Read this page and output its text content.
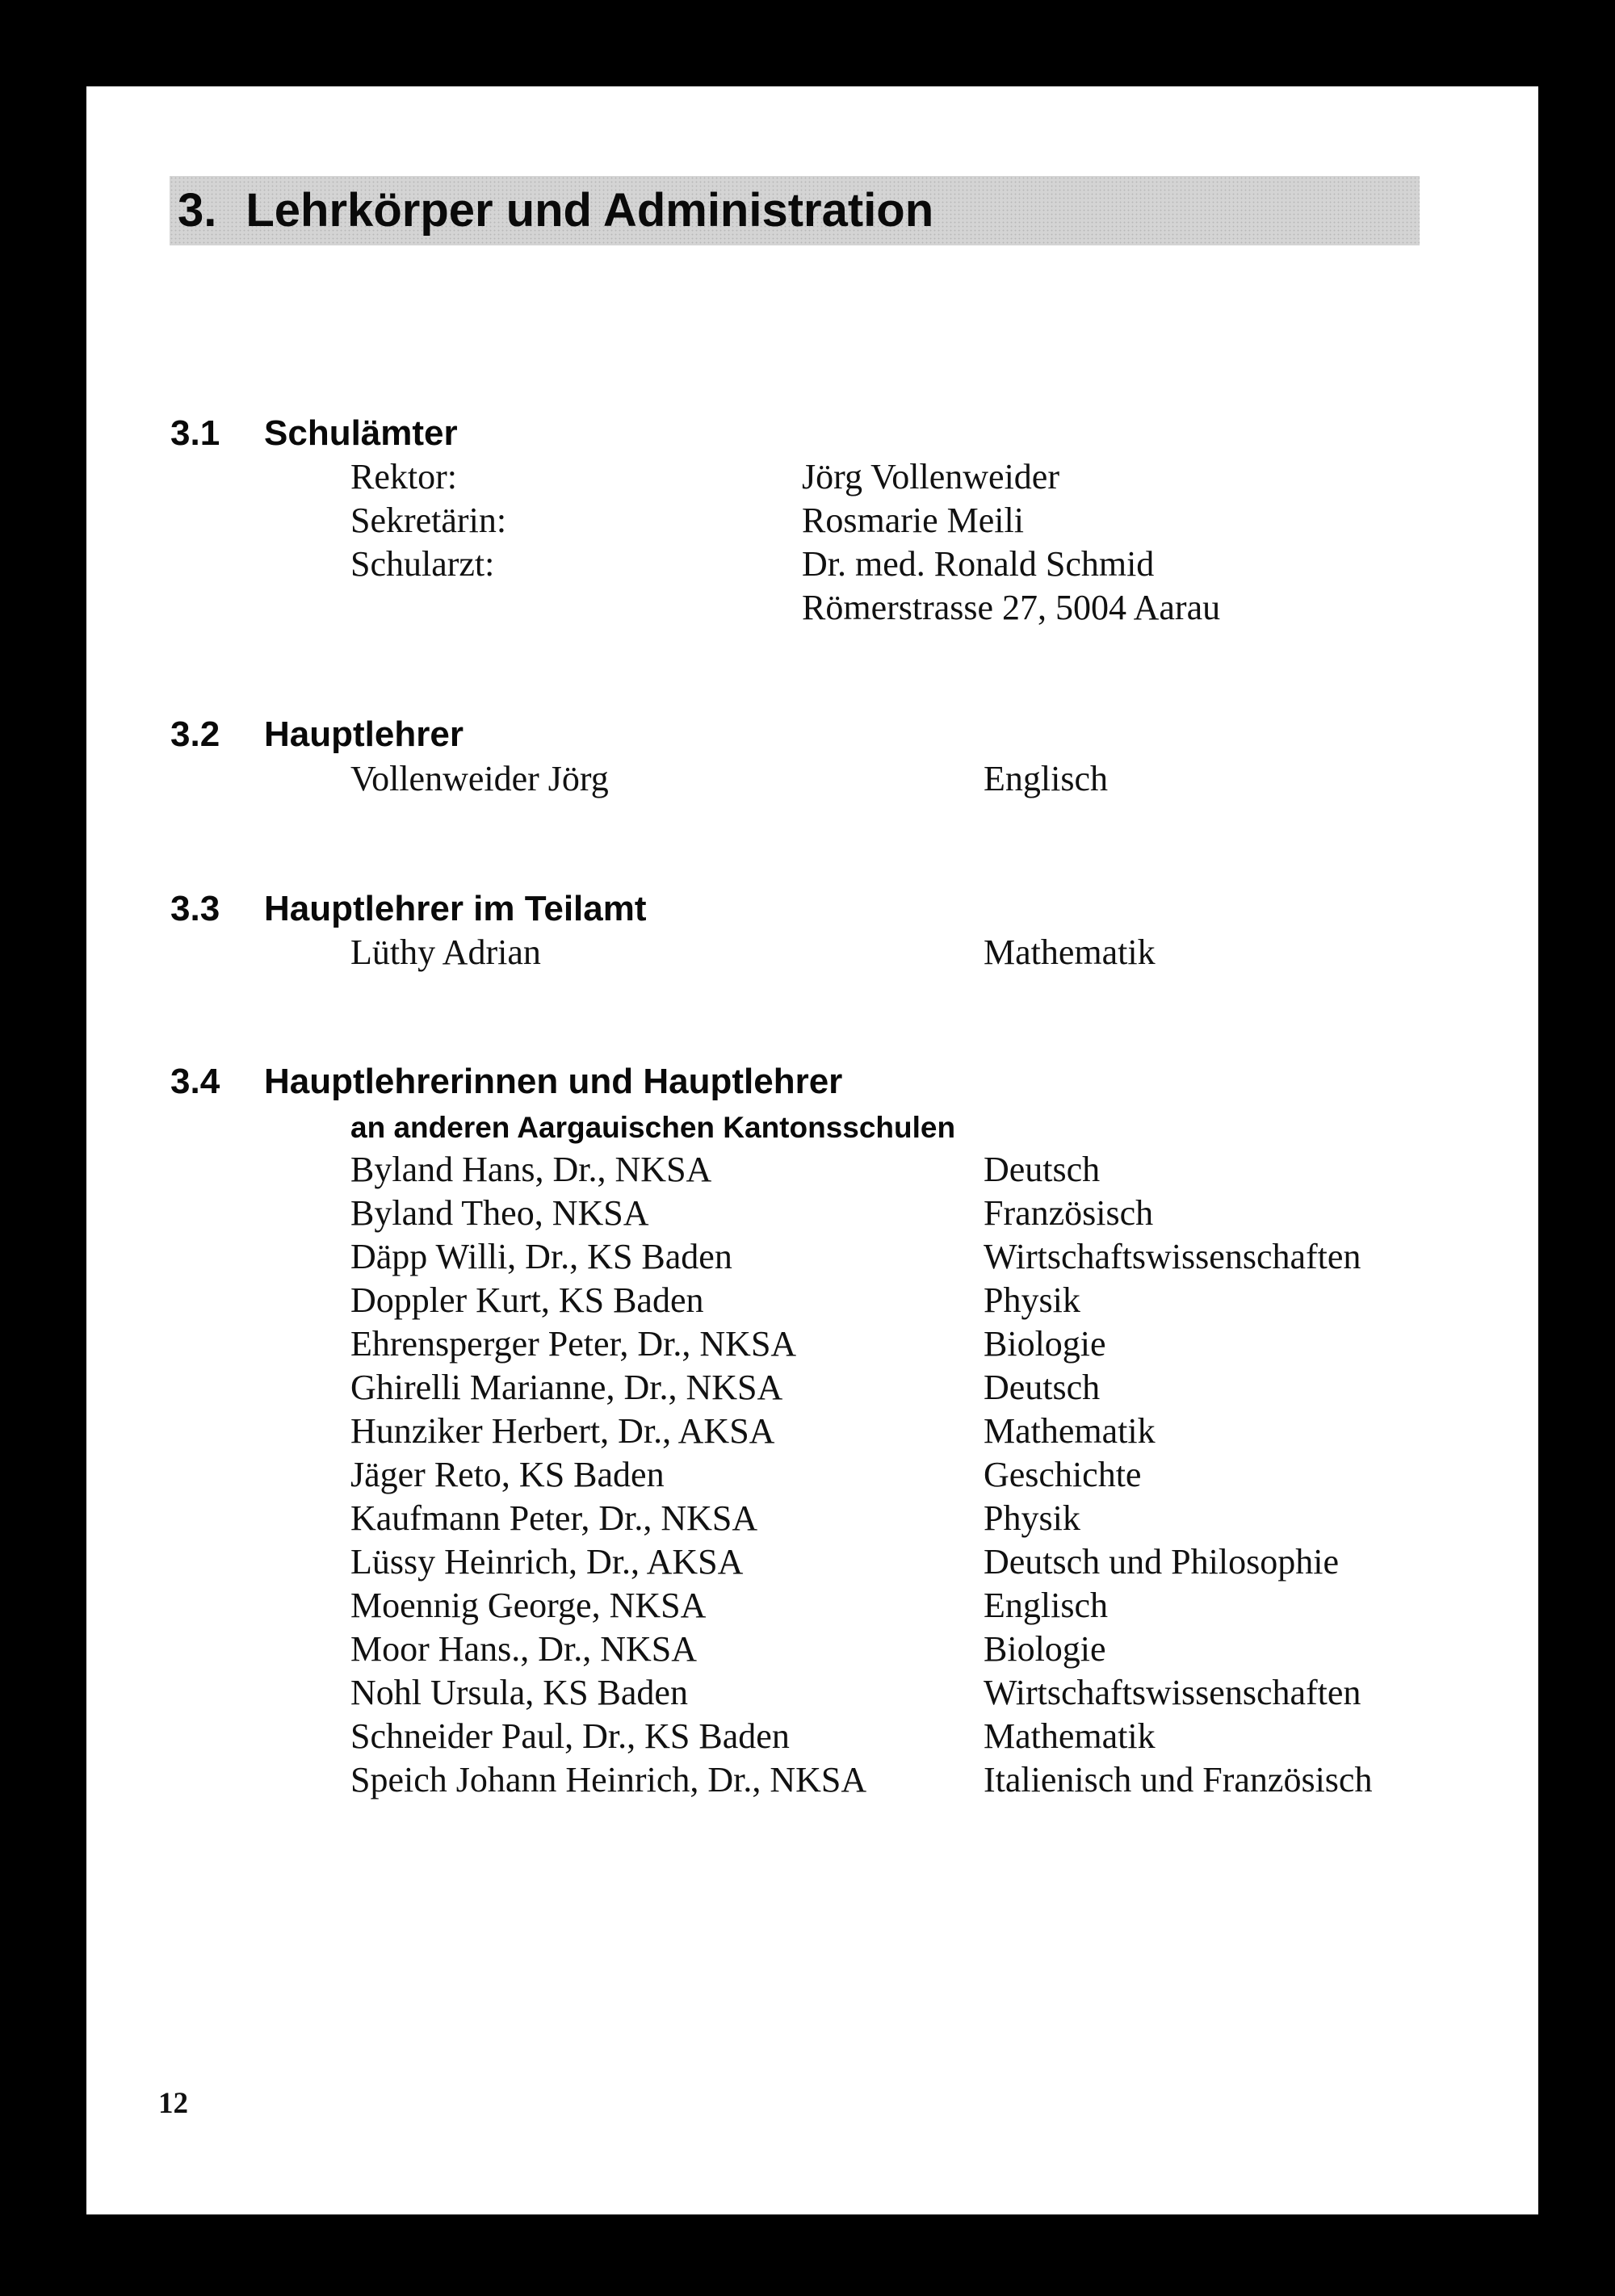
3. Lehrkörper und Administration
3.1 Schulämter
Rektor:	Jörg Vollenweider
Sekretärin:	Rosmarie Meili
Schularzt:	Dr. med. Ronald Schmid
Römerstrasse 27, 5004 Aarau
3.2 Hauptlehrer
Vollenweider Jörg	Englisch
3.3 Hauptlehrer im Teilamt
Lüthy Adrian	Mathematik
3.4 Hauptlehrerinnen und Hauptlehrer
an anderen Aargauischen Kantonsschulen
Byland Hans, Dr., NKSA	Deutsch
Byland Theo, NKSA	Französisch
Däpp Willi, Dr., KS Baden	Wirtschaftswissenschaften
Doppler Kurt, KS Baden	Physik
Ehrensperger Peter, Dr., NKSA	Biologie
Ghirelli Marianne, Dr., NKSA	Deutsch
Hunziker Herbert, Dr., AKSA	Mathematik
Jäger Reto, KS Baden	Geschichte
Kaufmann Peter, Dr., NKSA	Physik
Lüssy Heinrich, Dr., AKSA	Deutsch und Philosophie
Moennig George, NKSA	Englisch
Moor Hans., Dr., NKSA	Biologie
Nohl Ursula, KS Baden	Wirtschaftswissenschaften
Schneider Paul, Dr., KS Baden	Mathematik
Speich Johann Heinrich, Dr., NKSA	Italienisch und Französisch
12
